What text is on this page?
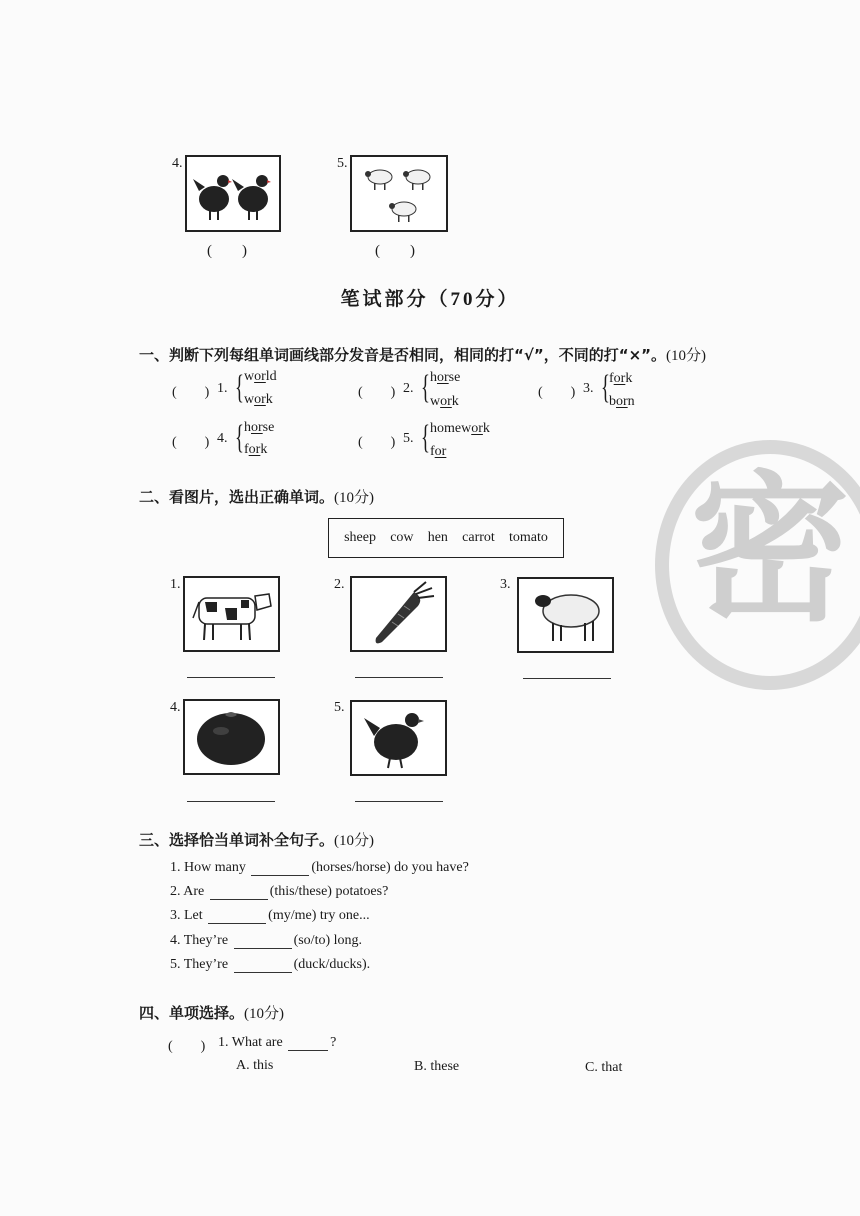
密
4.
(　　)
5.
(　　)
笔试部分（70分）
一、判断下列每组单词画线部分发音是否相同，相同的打“√”，不同的打“×”。(10分)
(　　) 1. { world
work	(　　) 2. { horse
work
(　　) 3. { fork
born
(　　) 4. { horse
fork	(　　) 5. { homework
for
二、看图片，选出正确单词。(10分)
sheep cow hen carrot tomato
1.	2.	3.
4.	5.
三、选择恰当单词补全句子。(10分)
1. How many	(horses/horse) do you have?
2. Are	(this/these) potatoes?
3. Let	(my/me) try one...
4. They’re	(so/to) long.
5. They’re	(duck/ducks).
四、单项选择。(10分)
(　　) 1. What are	?
A. this	B. these	C. that
